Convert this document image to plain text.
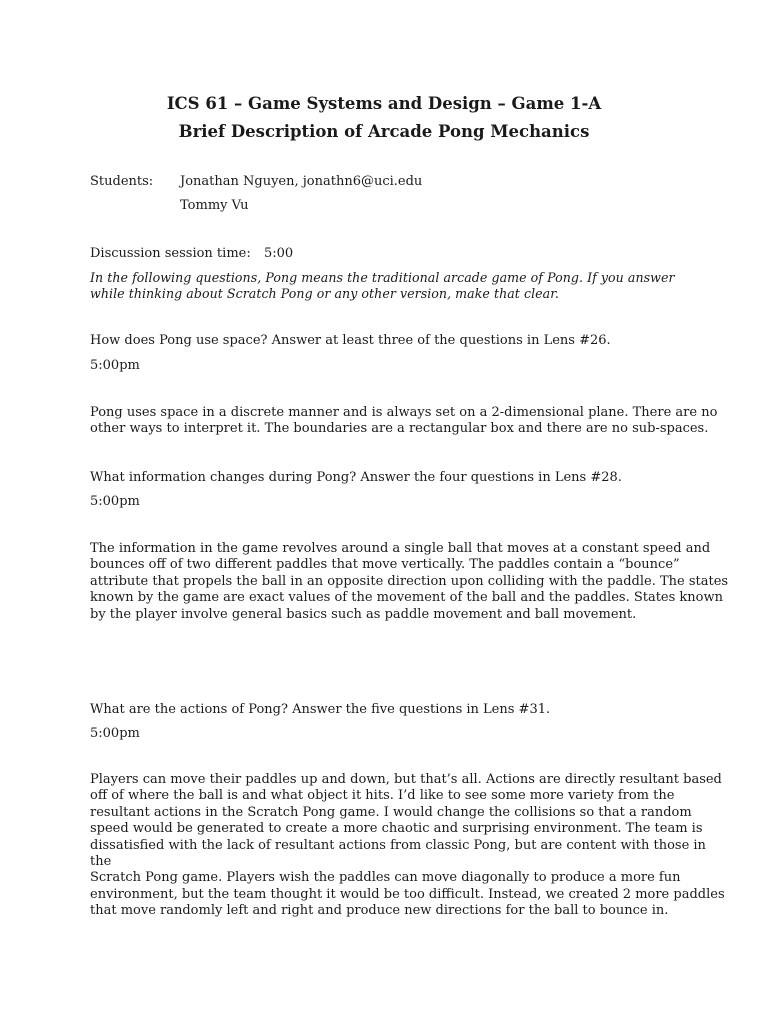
ICS 61 – Game Systems and Design – Game 1-A
Brief Description of Arcade Pong Mechanics
Students: Jonathan Nguyen, jonathn6@uci.edu
Tommy Vu
Discussion session time: 5:00
In the following questions, Pong means the traditional arcade game of Pong. If you answer
while thinking about Scratch Pong or any other version, make that clear.
How does Pong use space? Answer at least three of the questions in Lens #26.
5:00pm
Pong uses space in a discrete manner and is always set on a 2-dimensional plane. There are no
other ways to interpret it. The boundaries are a rectangular box and there are no sub-spaces.
What information changes during Pong? Answer the four questions in Lens #28.
5:00pm
The information in the game revolves around a single ball that moves at a constant speed and
bounces off of two different paddles that move vertically. The paddles contain a “bounce”
attribute that propels the ball in an opposite direction upon colliding with the paddle. The states
known by the game are exact values of the movement of the ball and the paddles. States known
by the player involve general basics such as paddle movement and ball movement.
What are the actions of Pong? Answer the five questions in Lens #31.
5:00pm
Players can move their paddles up and down, but that’s all. Actions are directly resultant based
off of where the ball is and what object it hits. I’d like to see some more variety from the
resultant actions in the Scratch Pong game. I would change the collisions so that a random
speed would be generated to create a more chaotic and surprising environment. The team is
dissatisfied with the lack of resultant actions from classic Pong, but are content with those in the
Scratch Pong game. Players wish the paddles can move diagonally to produce a more fun
environment, but the team thought it would be too difficult. Instead, we created 2 more paddles
that move randomly left and right and produce new directions for the ball to bounce in.
